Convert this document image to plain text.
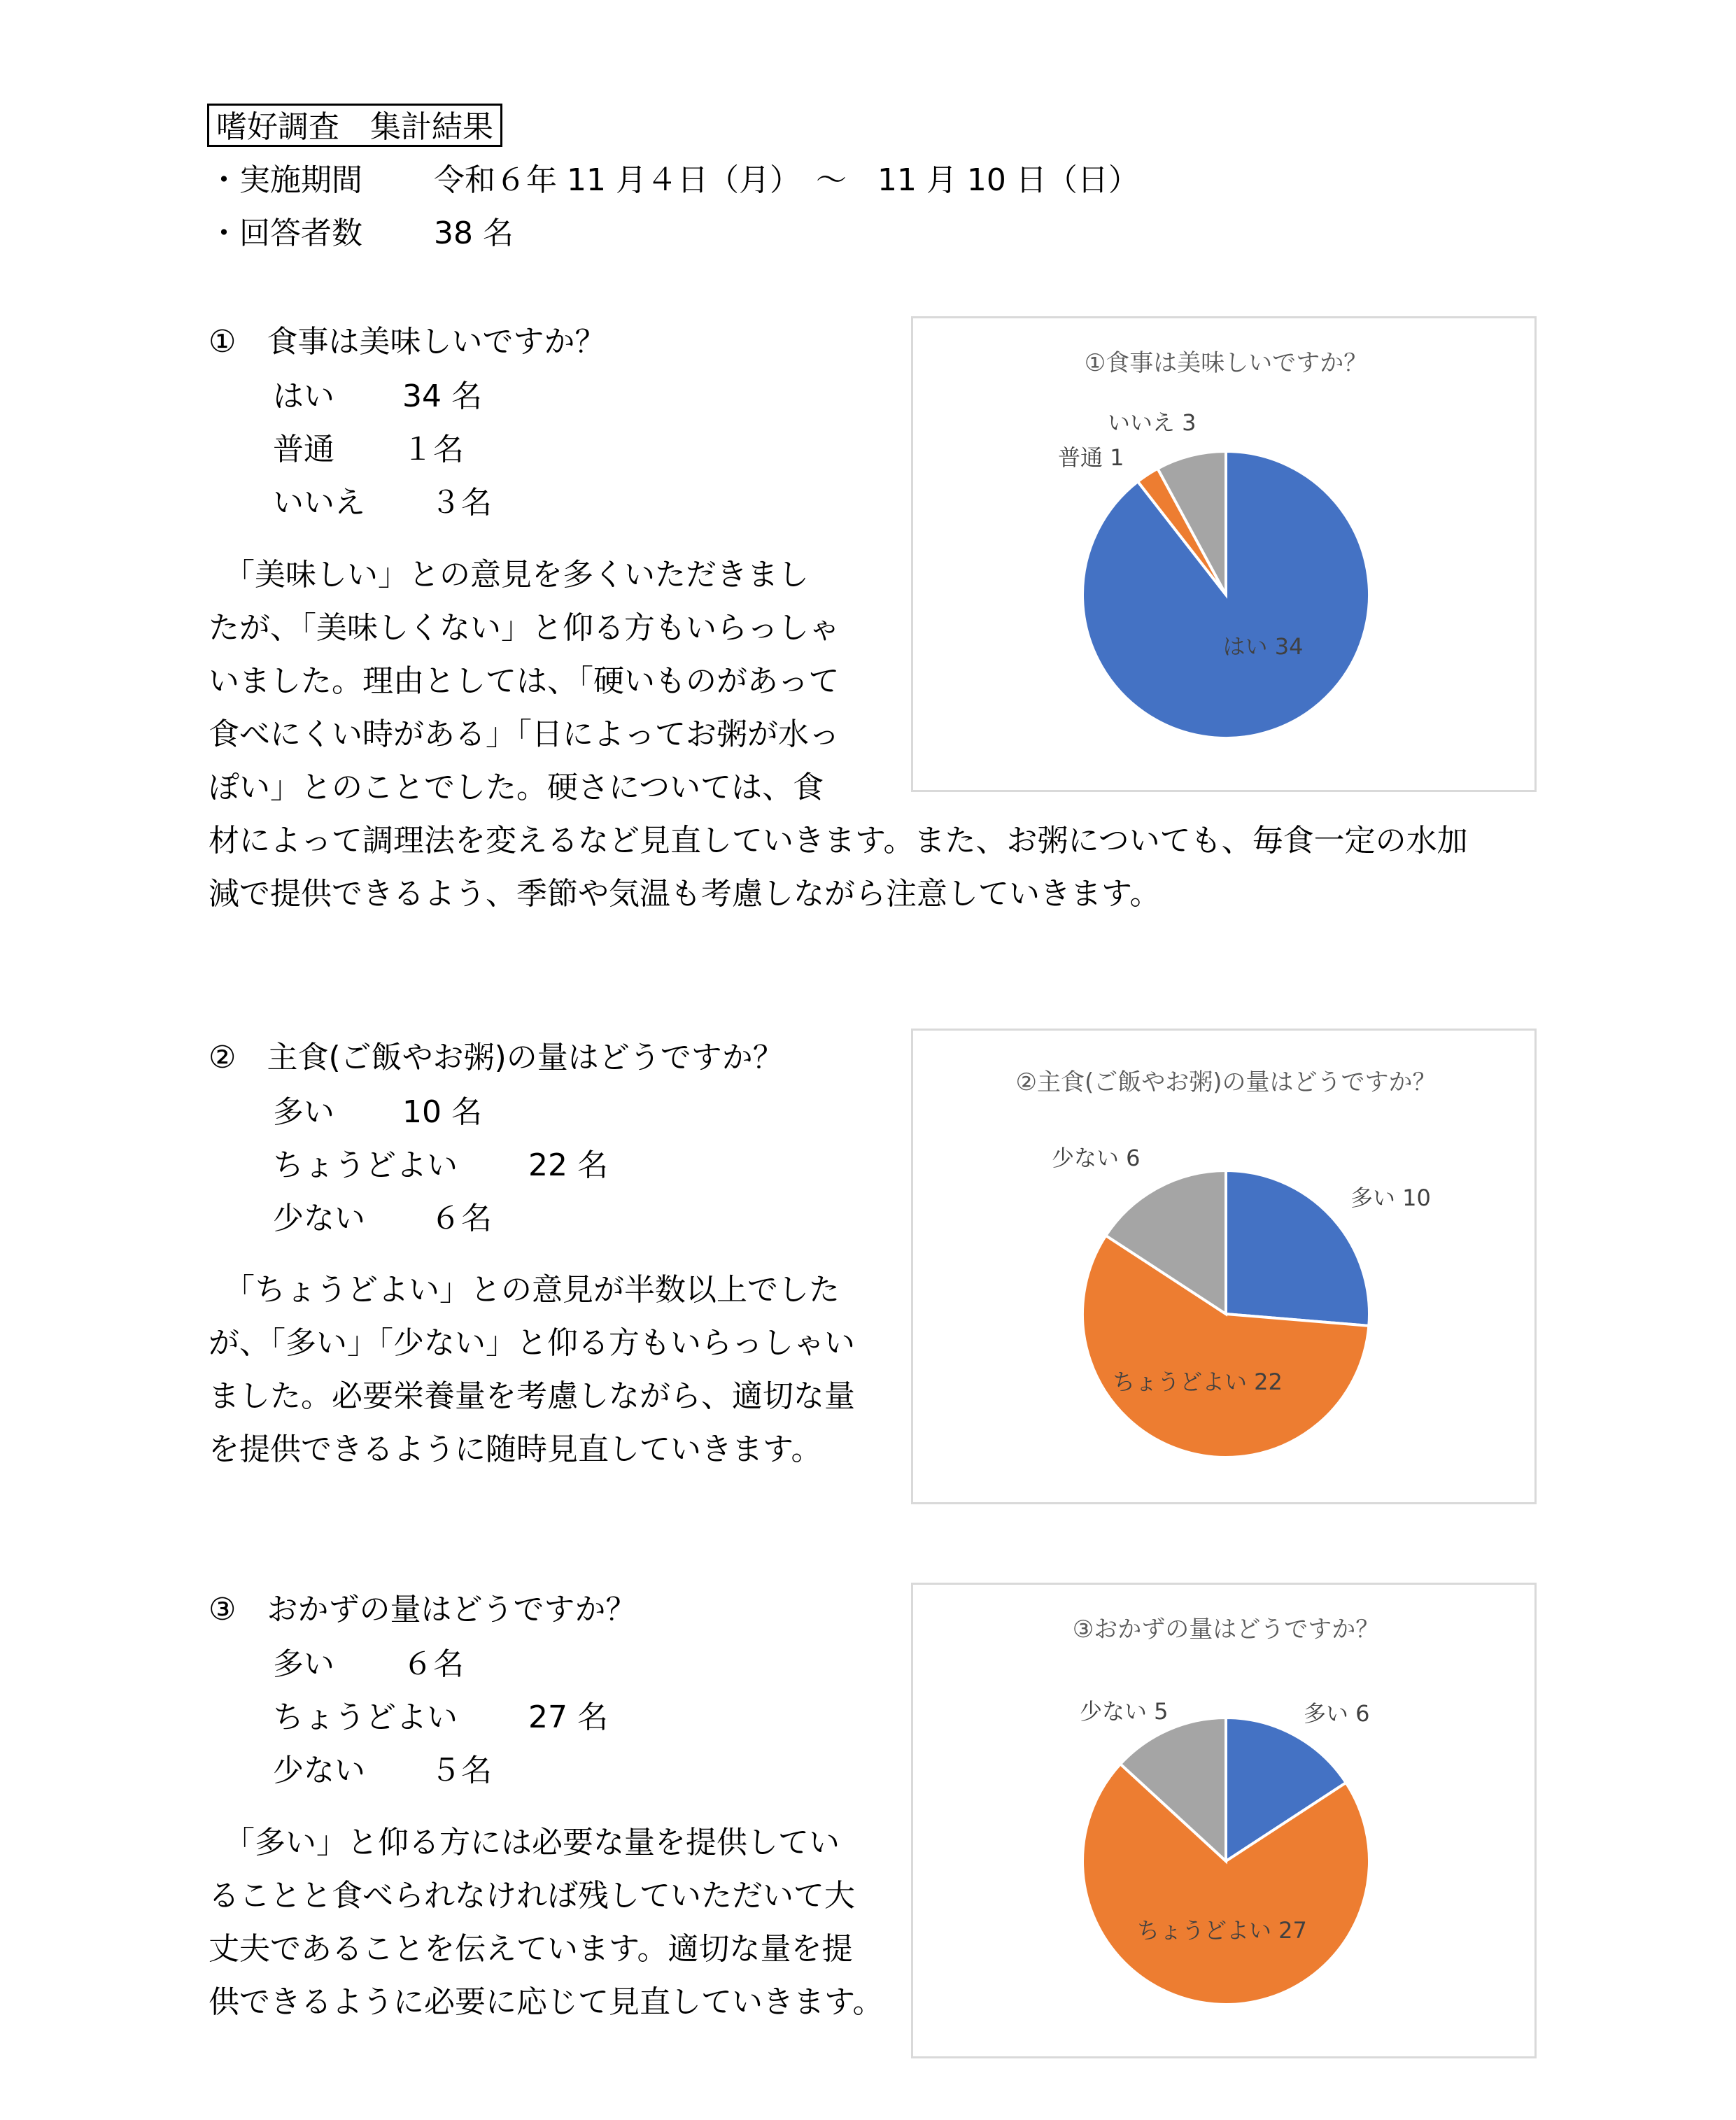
嗜好調査　集計結果
・実施期間 令和６年 11 月４日（月）　～　11 月 10 日（日）
・回答者数 38 名
①　食事は美味しいですか？
はい 34 名
普通 １名
いいえ ３名
　「美味しい」との意見を多くいただきまし
たが、「美味しくない」と仰る方もいらっしゃ
いました。理由としては、「硬いものがあって
食べにくい時がある」「日によってお粥が水っ
ぽい」とのことでした。硬さについては、食
材によって調理法を変えるなど見直していきます。また、お粥についても、毎食一定の水加
減で提供できるよう、季節や気温も考慮しながら注意していきます。
①食事は美味しいですか？
はい 34
普通 1
いいえ 3
②　主食(ご飯やお粥)の量はどうですか？
多い 10 名
ちょうどよい 22 名
少ない ６名
　「ちょうどよい」との意見が半数以上でした
が、「多い」「少ない」と仰る方もいらっしゃい
ました。必要栄養量を考慮しながら、適切な量
を提供できるように随時見直していきます。
②主食(ご飯やお粥)の量はどうですか？
多い 10
ちょうどよい 22
少ない 6
③　おかずの量はどうですか？
多い ６名
ちょうどよい 27 名
少ない ５名
　「多い」と仰る方には必要な量を提供してい
ることと食べられなければ残していただいて大
丈夫であることを伝えています。適切な量を提
供できるように必要に応じて見直していきます。
③おかずの量はどうですか？
多い 6
ちょうどよい 27
少ない 5
